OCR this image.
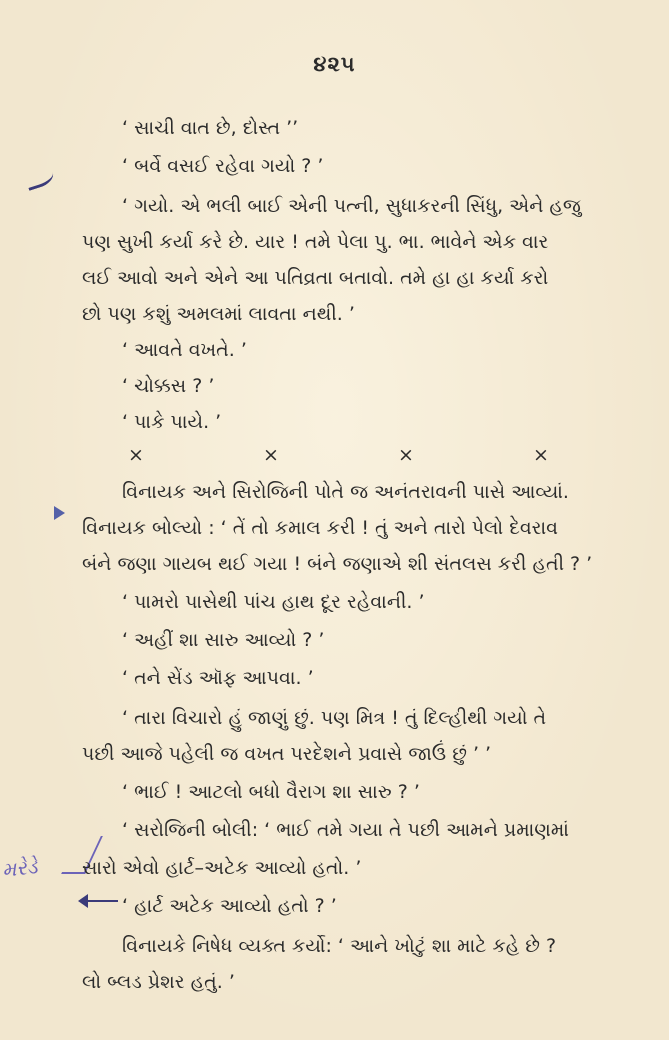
૪૨૫
મરેડે
‘ સાચી વાત છે, દોસ્ત ’’
‘ બર્વે વસઈ રહેવા ગયો ? ’
‘ ગયો. એ ભલી બાઈ એની પત્ની, સુધાકરની સિંધુ, એને હજુ
પણ સુખી કર્યા કરે છે. યાર ! તમે પેલા પુ. ભા. ભાવેને એક વાર
લઈ આવો અને એને આ પતિવ્રતા બતાવો. તમે હા હા કર્યા કરો
છો પણ કશું અમલમાં લાવતા નથી. ’
‘ આવતે વખતે. ’
‘ ચોક્કસ ? ’
‘ પાકે પાયે. ’
×	×	×	×
વિનાયક અને સિરોજિની પોતે જ અનંતરાવની પાસે આવ્યાં.
વિનાયક બોલ્યો : ‘ તેં તો કમાલ કરી ! તું અને તારો પેલો દેવરાવ
બંને જણા ગાયબ થઈ ગયા ! બંને જણાએ શી સંતલસ કરી હતી ? ’
‘ પામરો પાસેથી પાંચ હાથ દૂર રહેવાની. ’
‘ અહીં શા સારુ આવ્યો ? ’
‘ તને સેંડ ઑફ આપવા. ’
‘ તારા વિચારો હું જાણું છું. પણ મિત્ર ! તું દિલ્હીથી ગયો તે
પછી આજે પહેલી જ વખત પરદેશને પ્રવાસે જાઉં છું ’ ’
‘ ભાઈ ! આટલો બધો વૈરાગ શા સારુ ? ’
‘ સરોજિની બોલી: ‘ ભાઈ તમે ગયા તે પછી આમને પ્રમાણમાં
સારો એવો હાર્ટ–અટેક આવ્યો હતો. ’
‘ હાર્ટ અટેક આવ્યો હતો ? ’
વિનાયકે નિષેધ વ્યક્ત કર્યો: ‘ આને ખોટું શા માટે કહે છે ?
લો બ્લડ પ્રેશર હતું. ’
